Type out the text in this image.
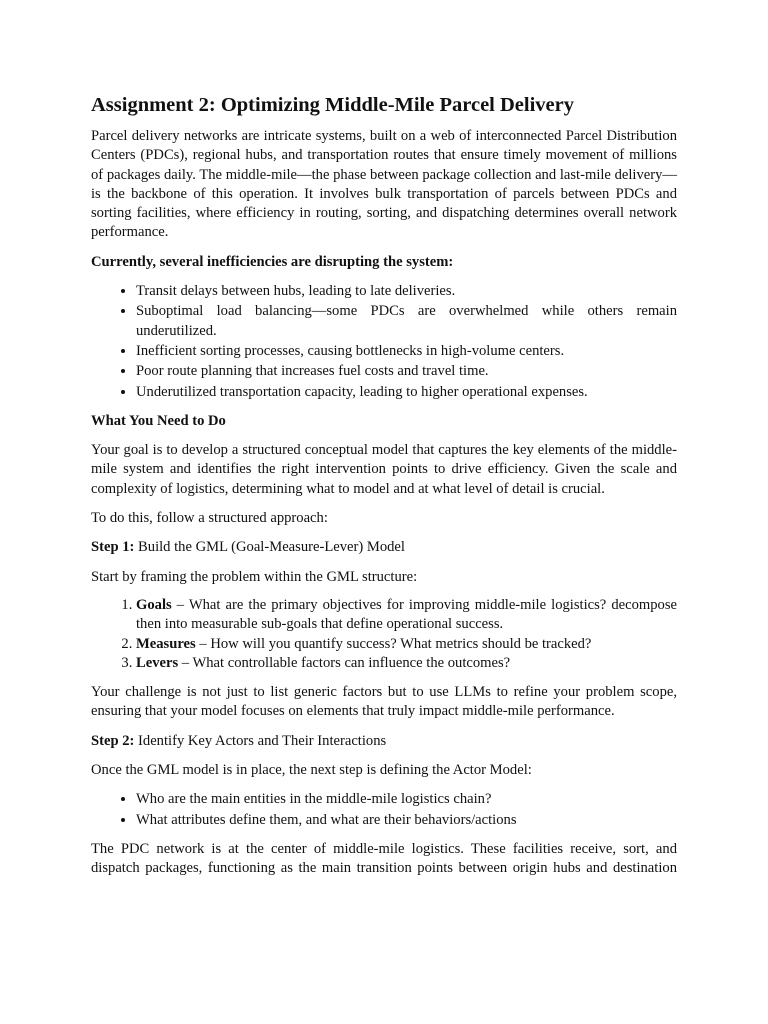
Assignment 2: Optimizing Middle-Mile Parcel Delivery

Parcel delivery networks are intricate systems, built on a web of interconnected Parcel Distribution Centers (PDCs), regional hubs, and transportation routes that ensure timely movement of millions of packages daily. The middle-mile—the phase between package collection and last-mile delivery—is the backbone of this operation. It involves bulk transportation of parcels between PDCs and sorting facilities, where efficiency in routing, sorting, and dispatching determines overall network performance.

Currently, several inefficiencies are disrupting the system:
• Transit delays between hubs, leading to late deliveries.
• Suboptimal load balancing—some PDCs are overwhelmed while others remain underutilized.
• Inefficient sorting processes, causing bottlenecks in high-volume centers.
• Poor route planning that increases fuel costs and travel time.
• Underutilized transportation capacity, leading to higher operational expenses.
What You Need to Do

Your goal is to develop a structured conceptual model that captures the key elements of the middle-mile system and identifies the right intervention points to drive efficiency. Given the scale and complexity of logistics, determining what to model and at what level of detail is crucial.

To do this, follow a structured approach:

Step 1: Build the GML (Goal-Measure-Lever) Model

Start by framing the problem within the GML structure:

1. Goals – What are the primary objectives for improving middle-mile logistics? decompose then into measurable sub-goals that define operational success.
2. Measures – How will you quantify success? What metrics should be tracked?
3. Levers – What controllable factors can influence the outcomes?

Your challenge is not just to list generic factors but to use LLMs to refine your problem scope, ensuring that your model focuses on elements that truly impact middle-mile performance.

Step 2: Identify Key Actors and Their Interactions

Once the GML model is in place, the next step is defining the Actor Model:

• Who are the main entities in the middle-mile logistics chain?
• What attributes define them, and what are their behaviors/actions

The PDC network is at the center of middle-mile logistics. These facilities receive, sort, and dispatch packages, functioning as the main transition points between origin hubs and destination
